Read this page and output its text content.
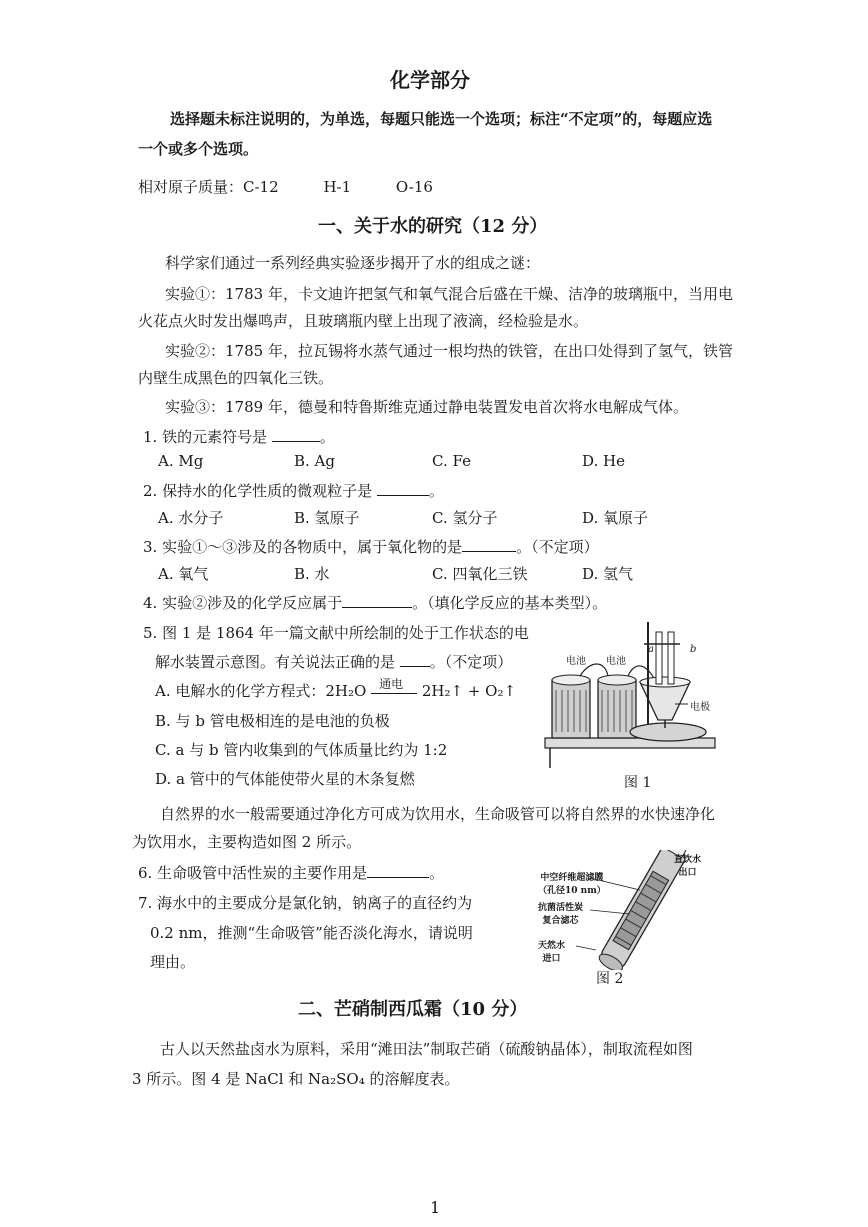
化学部分
选择题未标注说明的，为单选，每题只能选一个选项；标注“不定项”的，每题应选
一个或多个选项。
相对原子质量：C-12	H-1	O-16
一、关于水的研究（12 分）
科学家们通过一系列经典实验逐步揭开了水的组成之谜：
实验①：1783 年，卡文迪许把氢气和氧气混合后盛在干燥、洁净的玻璃瓶中，当用电
火花点火时发出爆鸣声，且玻璃瓶内壁上出现了液滴，经检验是水。
实验②：1785 年，拉瓦锡将水蒸气通过一根均热的铁管，在出口处得到了氢气，铁管
内壁生成黑色的四氧化三铁。
实验③：1789 年，德曼和特鲁斯维克通过静电装置发电首次将水电解成气体。
1. 铁的元素符号是	。
A. Mg	B. Ag	C. Fe	D. He
2. 保持水的化学性质的微观粒子是	。
A. 水分子	B. 氢原子	C. 氢分子	D. 氧原子
3. 实验①～③涉及的各物质中，属于氧化物的是	。（不定项）
A. 氧气	B. 水	C. 四氧化三铁	D. 氢气
4. 实验②涉及的化学反应属于	。（填化学反应的基本类型）。
5. 图 1 是 1864 年一篇文献中所绘制的处于工作状态的电
解水装置示意图。有关说法正确的是 。（不定项）
A. 电解水的化学方程式：2H₂O 通电 2H₂↑ + O₂↑
B. 与 b 管电极相连的是电池的负极
C. a 与 b 管内收集到的气体质量比约为 1:2
D. a 管中的气体能使带火星的木条复燃
电池 电池
a	b
电极
图 1
自然界的水一般需要通过净化方可成为饮用水，生命吸管可以将自然界的水快速净化
为饮用水，主要构造如图 2 所示。
6. 生命吸管中活性炭的主要作用是	。
7. 海水中的主要成分是氯化钠，钠离子的直径约为
0.2 nm，推测“生命吸管”能否淡化海水，请说明
理由。
直饮水
出口
中空纤维超滤膜
（孔径10 nm）
抗菌活性炭
复合滤芯
天然水
进口
图 2
二、芒硝制西瓜霜（10 分）
古人以天然盐卤水为原料，采用“滩田法”制取芒硝（硫酸钠晶体），制取流程如图
3 所示。图 4 是 NaCl 和 Na₂SO₄ 的溶解度表。
1
